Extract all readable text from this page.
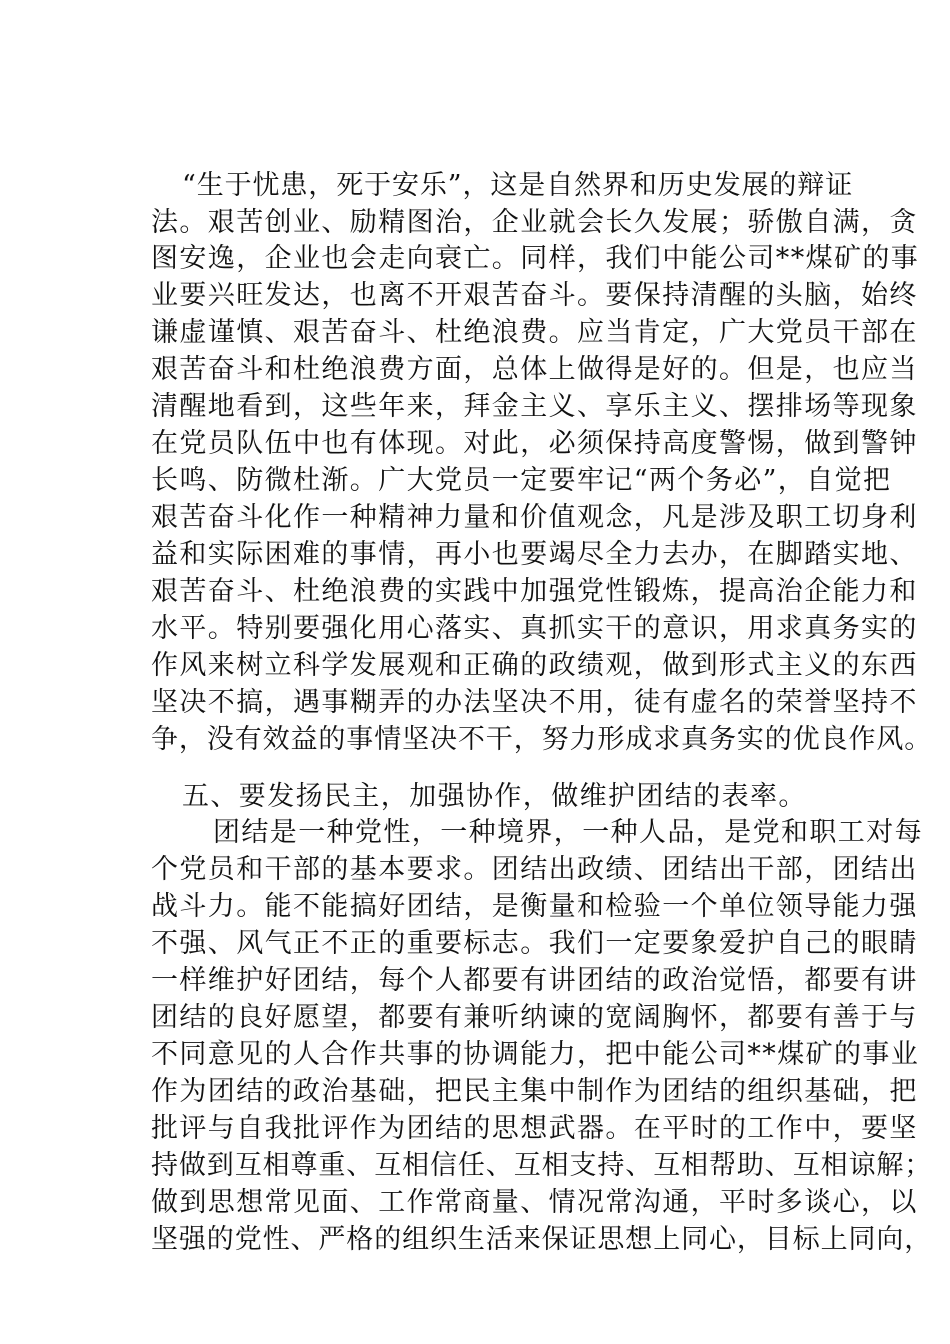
“生于忧患，死于安乐”，这是自然界和历史发展的辩证
法。艰苦创业、励精图治，企业就会长久发展；骄傲自满，贪
图安逸，企业也会走向衰亡。同样，我们中能公司**煤矿的事
业要兴旺发达，也离不开艰苦奋斗。要保持清醒的头脑，始终
谦虚谨慎、艰苦奋斗、杜绝浪费。应当肯定，广大党员干部在
艰苦奋斗和杜绝浪费方面，总体上做得是好的。但是，也应当
清醒地看到，这些年来，拜金主义、享乐主义、摆排场等现象
在党员队伍中也有体现。对此，必须保持高度警惕，做到警钟
长鸣、防微杜渐。广大党员一定要牢记“两个务必”，自觉把
艰苦奋斗化作一种精神力量和价值观念，凡是涉及职工切身利
益和实际困难的事情，再小也要竭尽全力去办，在脚踏实地、
艰苦奋斗、杜绝浪费的实践中加强党性锻炼，提高治企能力和
水平。特别要强化用心落实、真抓实干的意识，用求真务实的
作风来树立科学发展观和正确的政绩观，做到形式主义的东西
坚决不搞，遇事糊弄的办法坚决不用，徒有虚名的荣誉坚持不
争，没有效益的事情坚决不干，努力形成求真务实的优良作风。
五、要发扬民主，加强协作，做维护团结的表率。
团结是一种党性，一种境界，一种人品，是党和职工对每
个党员和干部的基本要求。团结出政绩、团结出干部，团结出
战斗力。能不能搞好团结，是衡量和检验一个单位领导能力强
不强、风气正不正的重要标志。我们一定要象爱护自己的眼睛
一样维护好团结，每个人都要有讲团结的政治觉悟，都要有讲
团结的良好愿望，都要有兼听纳谏的宽阔胸怀，都要有善于与
不同意见的人合作共事的协调能力，把中能公司**煤矿的事业
作为团结的政治基础，把民主集中制作为团结的组织基础，把
批评与自我批评作为团结的思想武器。在平时的工作中，要坚
持做到互相尊重、互相信任、互相支持、互相帮助、互相谅解；
做到思想常见面、工作常商量、情况常沟通，平时多谈心，以
坚强的党性、严格的组织生活来保证思想上同心，目标上同向，
